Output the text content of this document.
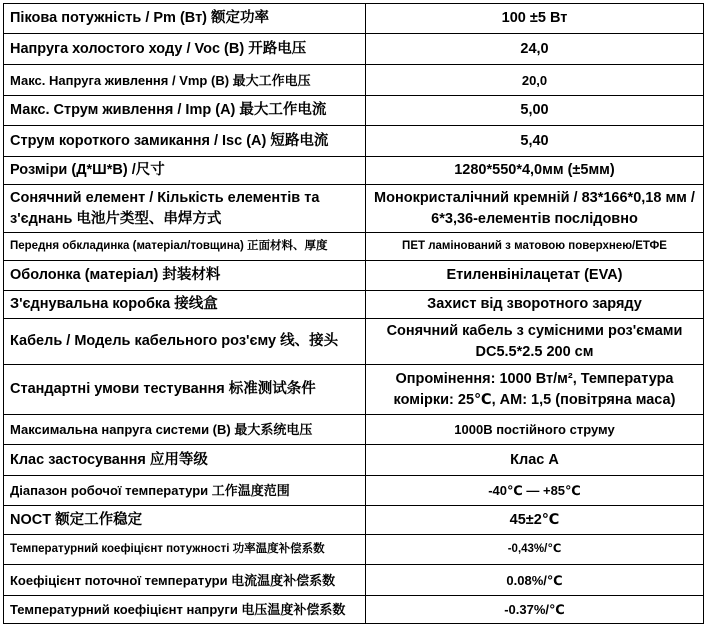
Пікова потужність / Pm (Вт) 额定功率	100 ±5 Вт
Напруга холостого ходу / Voc (В) 开路电压	24,0
Макс. Напруга живлення / Vmp (В) 最大工作电压	20,0
Макс. Струм живлення / Imp (A) 最大工作电流	5,00
Струм короткого замикання / Isc (A) 短路电流	5,40
Розміри (Д*Ш*В) /尺寸	1280*550*4,0мм (±5мм)
Сонячний елемент / Кількість елементів та з'єднань 电池片类型、串焊方式	Монокристалічний кремній / 83*166*0,18 мм / 6*3,36-елементів послідовно
Передня обкладинка (матеріал/товщина) 正面材料、厚度	ПЕТ ламінований з матовою поверхнею/ЕТФЕ
Оболонка (матеріал) 封装材料	Етиленвінілацетат (EVA)
З'єднувальна коробка 接线盒	Захист від зворотного заряду
Кабель / Модель кабельного роз'єму 线、接头	Сонячний кабель з сумісними роз'ємами DC5.5*2.5 200 см
Стандартні умови тестування 标准测试条件	Опромінення: 1000 Вт/м², Температура комірки: 25℃, AM: 1,5 (повітряна маса)
Максимальна напруга системи (В) 最大系统电压	1000В постійного струму
Клас застосування 应用等级	Клас А
Діапазон робочої температури 工作温度范围	-40℃ — +85℃
NOCT 额定工作稳定	45±2℃
Температурний коефіцієнт потужності 功率温度补偿系数	-0,43%/℃
Коефіцієнт поточної температури 电流温度补偿系数	0.08%/℃
Температурний коефіцієнт напруги 电压温度补偿系数	-0.37%/℃
